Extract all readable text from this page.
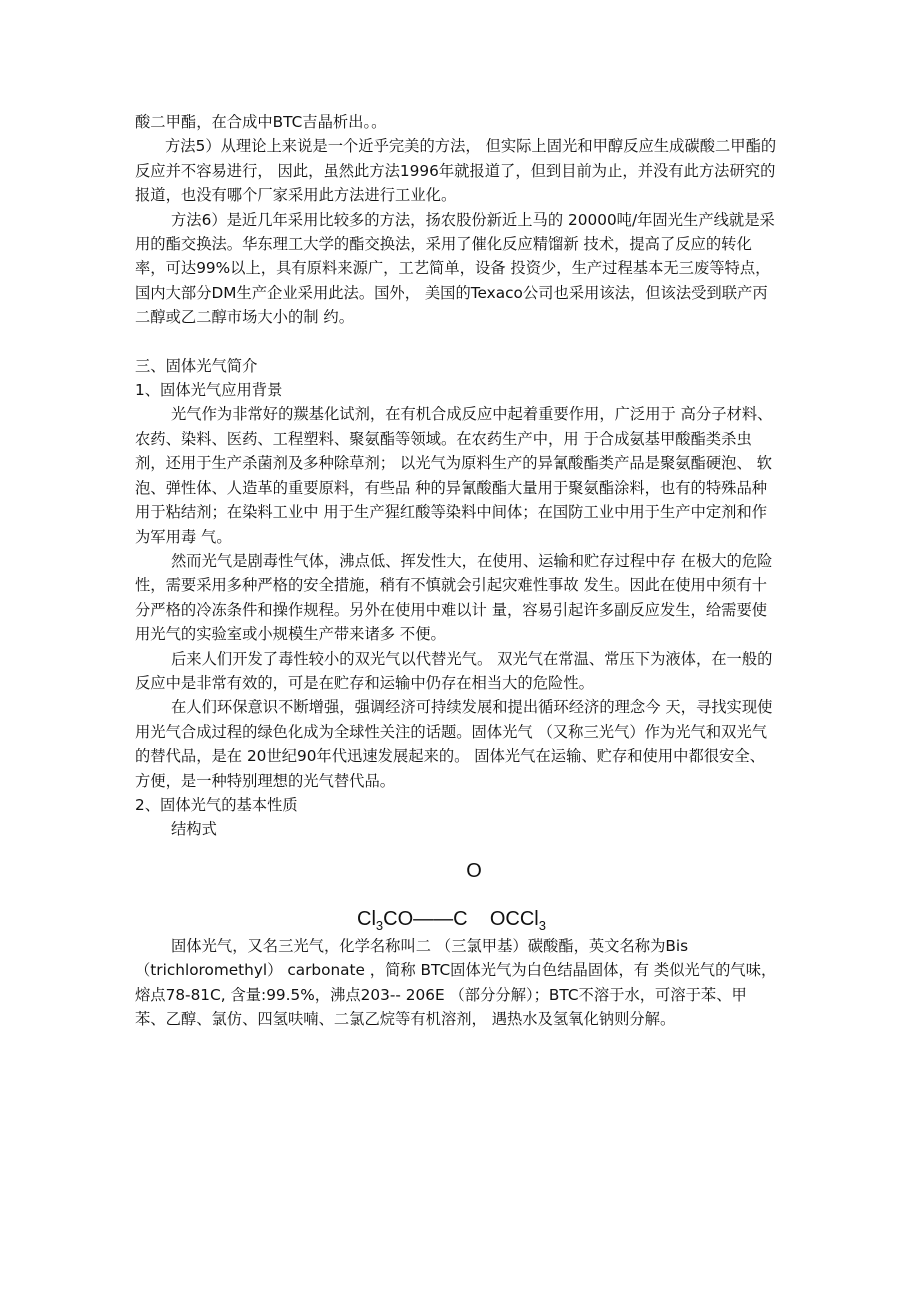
酸二甲酯，在合成中BTC吉晶析出。。

方法5）从理论上来说是一个近乎完美的方法， 但实际上固光和甲醇反应生成碳酸二甲酯的反应并不容易进行， 因此，虽然此方法1996年就报道了，但到目前为止，并没有此方法研究的报道，也没有哪个厂家采用此方法进行工业化。

方法6）是近几年采用比较多的方法，扬农股份新近上马的 20000吨/年固光生产线就是采用的酯交换法。华东理工大学的酯交换法，采用了催化反应精馏新 技术，提高了反应的转化率，可达99%以上，具有原料来源广，工艺简单，设备 投资少，生产过程基本无三废等特点，国内大部分DM生产企业采用此法。国外， 美国的Texaco公司也采用该法，但该法受到联产丙二醇或乙二醇市场大小的制 约。

三、固体光气简介

1、固体光气应用背景

光气作为非常好的羰基化试剂，在有机合成反应中起着重要作用，广泛用于 高分子材料、农药、染料、医药、工程塑料、聚氨酯等领域。在农药生产中，用 于合成氨基甲酸酯类杀虫剂，还用于生产杀菌剂及多种除草剂； 以光气为原料生产的异氰酸酯类产品是聚氨酯硬泡、 软泡、弹性体、人造革的重要原料，有些品 种的异氰酸酯大量用于聚氨酯涂料，也有的特殊品种用于粘结剂；在染料工业中 用于生产猩红酸等染料中间体；在国防工业中用于生产中定剂和作为军用毒 气。

然而光气是剧毒性气体，沸点低、挥发性大，在使用、运输和贮存过程中存 在极大的危险性，需要采用多种严格的安全措施，稍有不慎就会引起灾难性事故 发生。因此在使用中须有十分严格的冷冻条件和操作规程。另外在使用中难以计 量，容易引起许多副反应发生，给需要使用光气的实验室或小规模生产带来诸多 不便。

后来人们开发了毒性较小的双光气以代替光气。 双光气在常温、常压下为液体，在一般的反应中是非常有效的，可是在贮存和运输中仍存在相当大的危险性。

在人们环保意识不断增强，强调经济可持续发展和提出循环经济的理念今 天，寻找实现使用光气合成过程的绿色化成为全球性关注的话题。固体光气 （又称三光气）作为光气和双光气的替代品，是在 20世纪90年代迅速发展起来的。 固体光气在运输、贮存和使用中都很安全、方便，是一种特别理想的光气替代品。

2、固体光气的基本性质

结构式

O
$Cl_3CO——C$ OCCl$_3$

固体光气，又名三光气，化学名称叫二 （三氯甲基）碳酸酯，英文名称为Bis（trichloromethyl） carbonate ，简称 BTC固体光气为白色结晶固体，有 类似光气的气味，熔点78-81C, 含量:99.5%，沸点203-- 206E （部分分解）；BTC不溶于水，可溶于苯、甲苯、乙醇、氯仿、四氢呋喃、二氯乙烷等有机溶剂， 遇热水及氢氧化钠则分解。
